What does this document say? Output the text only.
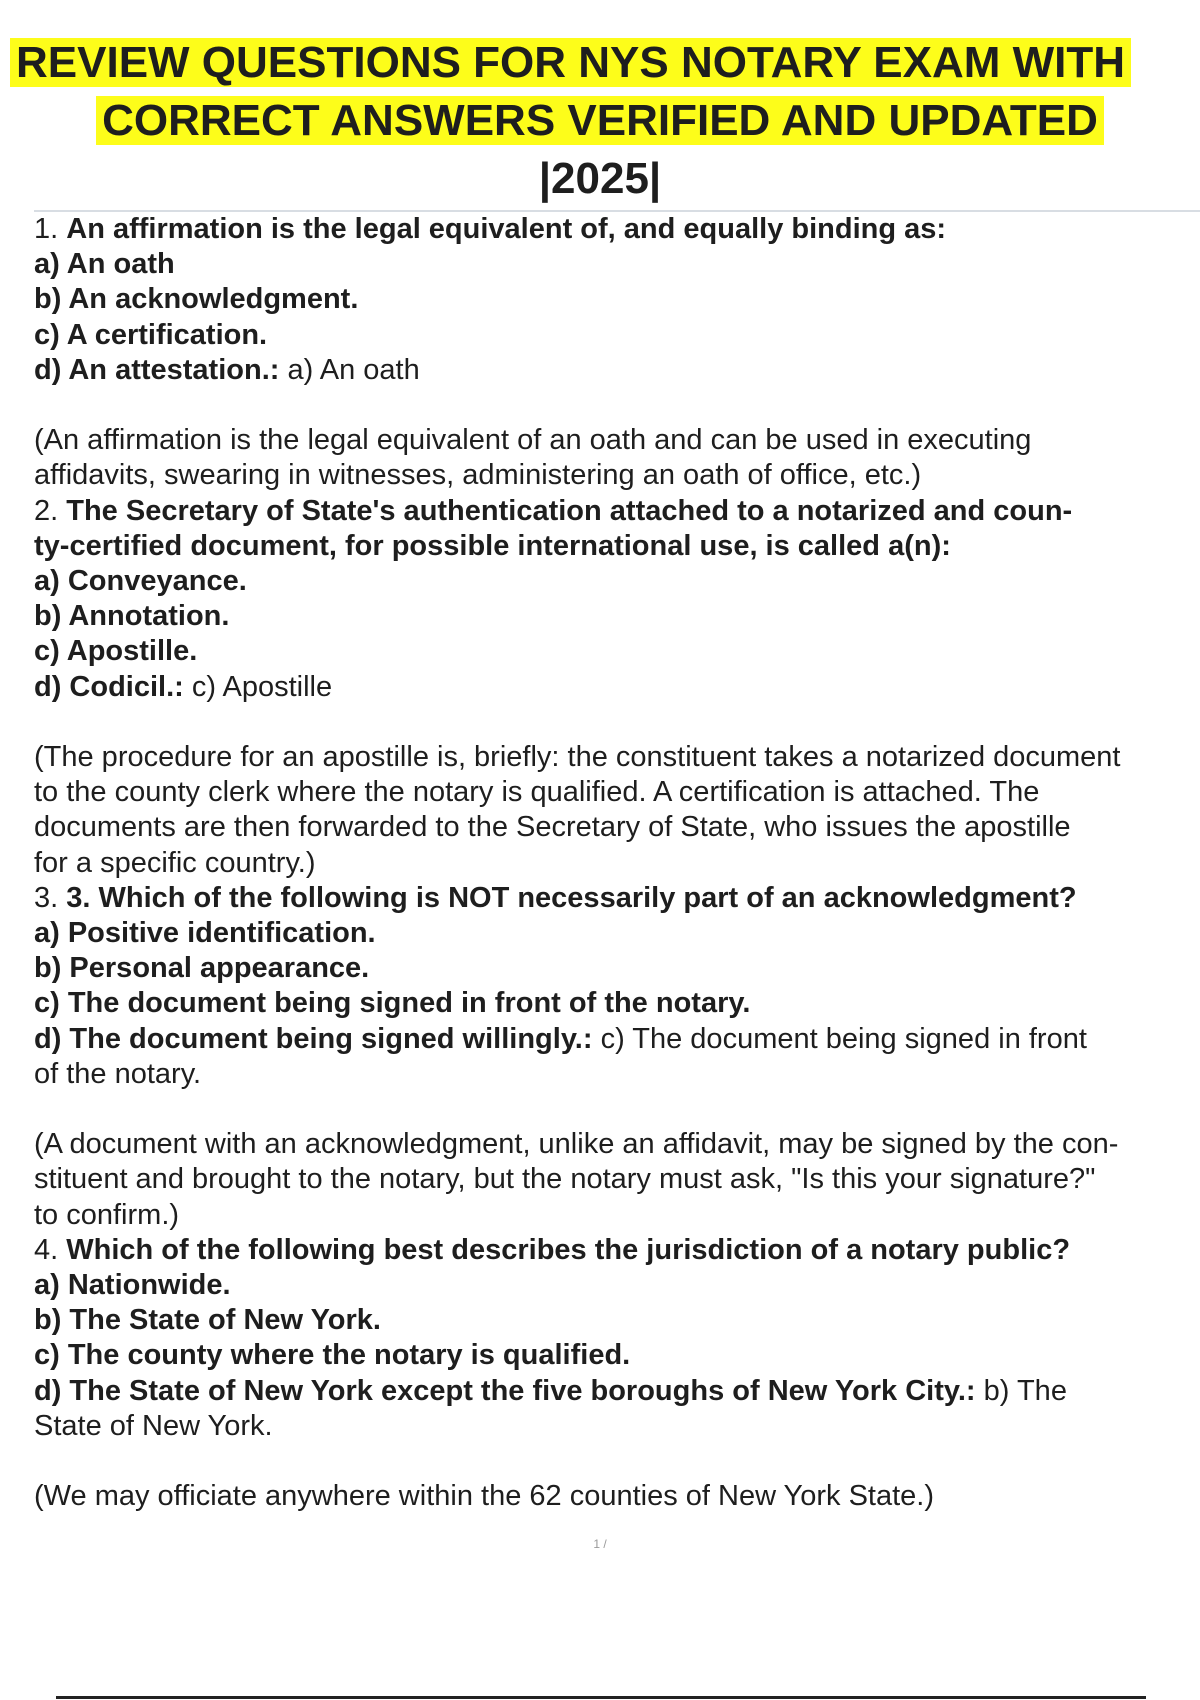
REVIEW QUESTIONS FOR NYS NOTARY EXAM WITH
CORRECT ANSWERS VERIFIED AND UPDATED
|2025|
1. An affirmation is the legal equivalent of, and equally binding as:
a) An oath
b) An acknowledgment.
c) A certification.
d) An attestation.: a) An oath
(An affirmation is the legal equivalent of an oath and can be used in executing
affidavits, swearing in witnesses, administering an oath of office, etc.)
2. The Secretary of State's authentication attached to a notarized and coun-
ty-certified document, for possible international use, is called a(n):
a) Conveyance.
b) Annotation.
c) Apostille.
d) Codicil.: c) Apostille
(The procedure for an apostille is, briefly: the constituent takes a notarized document
to the county clerk where the notary is qualified. A certification is attached. The
documents are then forwarded to the Secretary of State, who issues the apostille
for a specific country.)
3. 3. Which of the following is NOT necessarily part of an acknowledgment?
a) Positive identification.
b) Personal appearance.
c) The document being signed in front of the notary.
d) The document being signed willingly.: c) The document being signed in front
of the notary.
(A document with an acknowledgment, unlike an affidavit, may be signed by the con-
stituent and brought to the notary, but the notary must ask, "Is this your signature?"
to confirm.)
4. Which of the following best describes the jurisdiction of a notary public?
a) Nationwide.
b) The State of New York.
c) The county where the notary is qualified.
d) The State of New York except the five boroughs of New York City.: b) The
State of New York.
(We may officiate anywhere within the 62 counties of New York State.)
1 /
